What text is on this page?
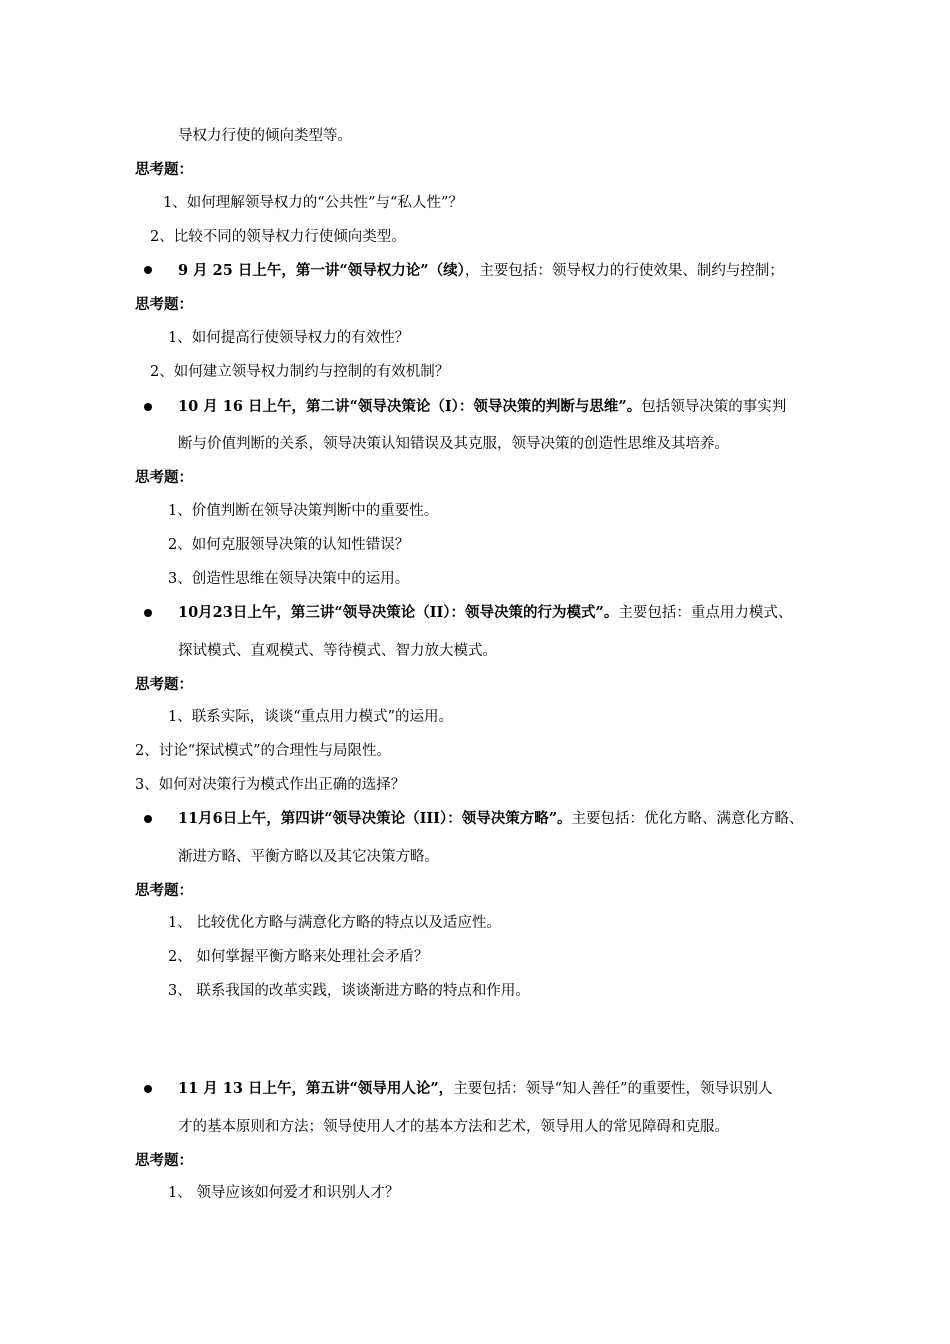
导权力行使的倾向类型等。
思考题：
1、如何理解领导权力的“公共性”与“私人性”？
2、比较不同的领导权力行使倾向类型。
9 月 25 日上午，第一讲“领导权力论”（续），主要包括：领导权力的行使效果、制约与控制；
思考题：
1、如何提高行使领导权力的有效性？
2、如何建立领导权力制约与控制的有效机制？
10 月 16 日上午，第二讲“领导决策论（I）：领导决策的判断与思维”。包括领导决策的事实判
断与价值判断的关系，领导决策认知错误及其克服，领导决策的创造性思维及其培养。
思考题：
1、价值判断在领导决策判断中的重要性。
2、如何克服领导决策的认知性错误？
3、创造性思维在领导决策中的运用。
10月23日上午，第三讲“领导决策论（II）：领导决策的行为模式”。主要包括：重点用力模式、
探试模式、直观模式、等待模式、智力放大模式。
思考题：
1、联系实际，谈谈“重点用力模式”的运用。
2、讨论“探试模式”的合理性与局限性。
3、如何对决策行为模式作出正确的选择？
11月6日上午，第四讲“领导决策论（III）：领导决策方略”。主要包括：优化方略、满意化方略、
渐进方略、平衡方略以及其它决策方略。
思考题：
1、 比较优化方略与满意化方略的特点以及适应性。
2、 如何掌握平衡方略来处理社会矛盾？
3、 联系我国的改革实践，谈谈渐进方略的特点和作用。
11 月 13 日上午，第五讲“领导用人论”，主要包括：领导“知人善任”的重要性，领导识别人
才的基本原则和方法；领导使用人才的基本方法和艺术，领导用人的常见障碍和克服。
思考题：
1、 领导应该如何爱才和识别人才？
